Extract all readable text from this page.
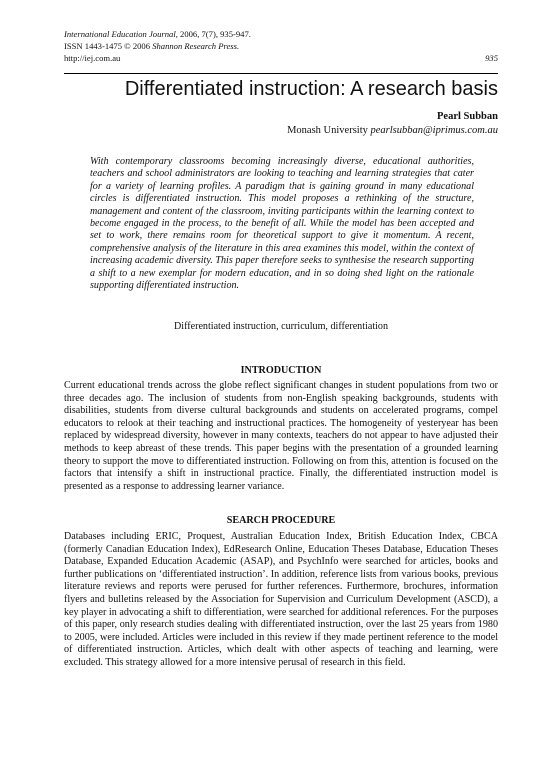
International Education Journal, 2006, 7(7), 935-947.
ISSN 1443-1475 © 2006 Shannon Research Press.
http://iej.com.au	935
Differentiated instruction: A research basis
Pearl Subban
Monash University pearlsubban@iprimus.com.au

With contemporary classrooms becoming increasingly diverse, educational authorities, teachers and school administrators are looking to teaching and learning strategies that cater for a variety of learning profiles. A paradigm that is gaining ground in many educational circles is differentiated instruction. This model proposes a rethinking of the structure, management and content of the classroom, inviting participants within the learning context to become engaged in the process, to the benefit of all. While the model has been accepted and set to work, there remains room for theoretical support to give it momentum. A recent, comprehensive analysis of the literature in this area examines this model, within the context of increasing academic diversity. This paper therefore seeks to synthesise the research supporting a shift to a new exemplar for modern education, and in so doing shed light on the rationale supporting differentiated instruction.

Differentiated instruction, curriculum, differentiation
INTRODUCTION

Current educational trends across the globe reflect significant changes in student populations from two or three decades ago. The inclusion of students from non-English speaking backgrounds, students with disabilities, students from diverse cultural backgrounds and students on accelerated programs, compel educators to relook at their teaching and instructional practices. The homogeneity of yesteryear has been replaced by widespread diversity, however in many contexts, teachers do not appear to have adjusted their methods to keep abreast of these trends. This paper begins with the presentation of a grounded learning theory to support the move to differentiated instruction. Following on from this, attention is focused on the factors that intensify a shift in instructional practice. Finally, the differentiated instruction model is presented as a response to addressing learner variance.

SEARCH PROCEDURE

Databases including ERIC, Proquest, Australian Education Index, British Education Index, CBCA (formerly Canadian Education Index), EdResearch Online, Education Theses Database, Education Theses Database, Expanded Education Academic (ASAP), and PsychInfo were searched for articles, books and further publications on ‘differentiated instruction’. In addition, reference lists from various books, previous literature reviews and reports were perused for further references. Furthermore, brochures, information flyers and bulletins released by the Association for Supervision and Curriculum Development (ASCD), a key player in advocating a shift to differentiation, were searched for additional references. For the purposes of this paper, only research studies dealing with differentiated instruction, over the last 25 years from 1980 to 2005, were included. Articles were included in this review if they made pertinent reference to the model of differentiated instruction. Articles, which dealt with other aspects of teaching and learning, were excluded. This strategy allowed for a more intensive perusal of research in this field.
